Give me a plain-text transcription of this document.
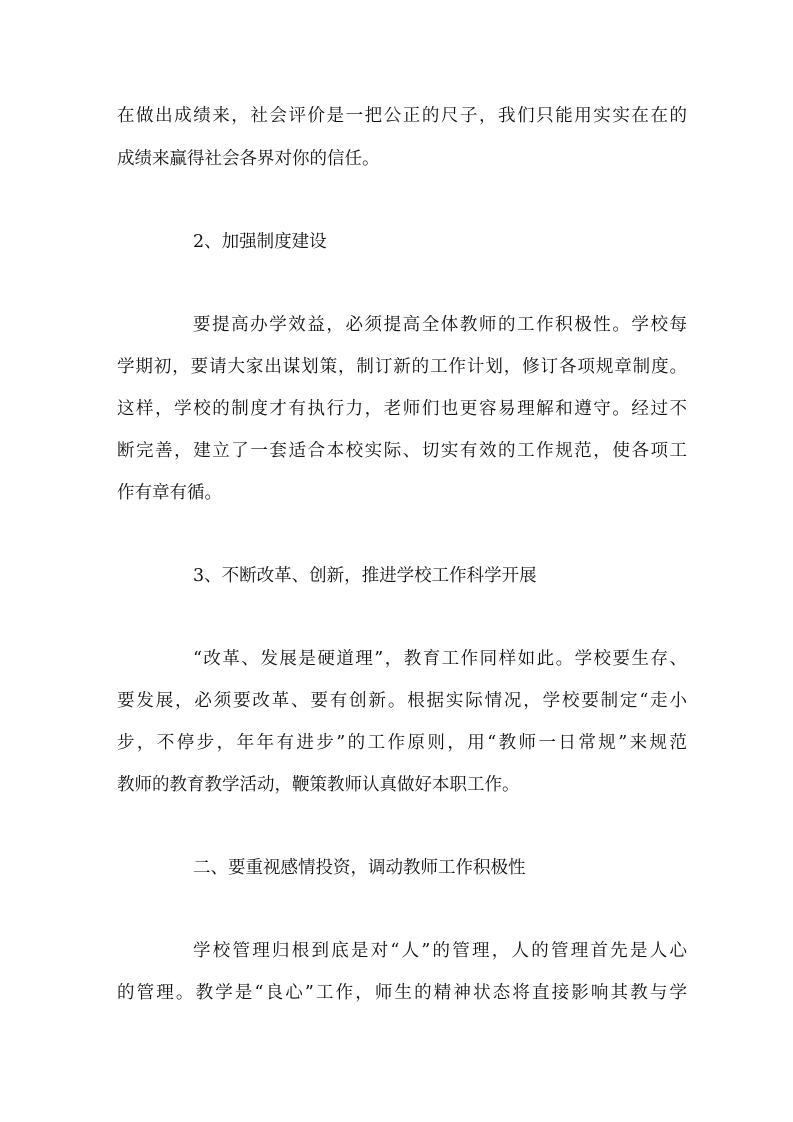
在做出成绩来，社会评价是一把公正的尺子，我们只能用实实在在的
成绩来赢得社会各界对你的信任。
2、加强制度建设
要提高办学效益，必须提高全体教师的工作积极性。学校每
学期初，要请大家出谋划策，制订新的工作计划，修订各项规章制度。
这样，学校的制度才有执行力，老师们也更容易理解和遵守。经过不
断完善，建立了一套适合本校实际、切实有效的工作规范，使各项工
作有章有循。
3、不断改革、创新，推进学校工作科学开展
“改革、发展是硬道理”，教育工作同样如此。学校要生存、
要发展，必须要改革、要有创新。根据实际情况，学校要制定“走小
步，不停步，年年有进步”的工作原则，用“教师一日常规”来规范
教师的教育教学活动，鞭策教师认真做好本职工作。
二、要重视感情投资，调动教师工作积极性
学校管理归根到底是对“人”的管理，人的管理首先是人心
的管理。教学是“良心”工作，师生的精神状态将直接影响其教与学
